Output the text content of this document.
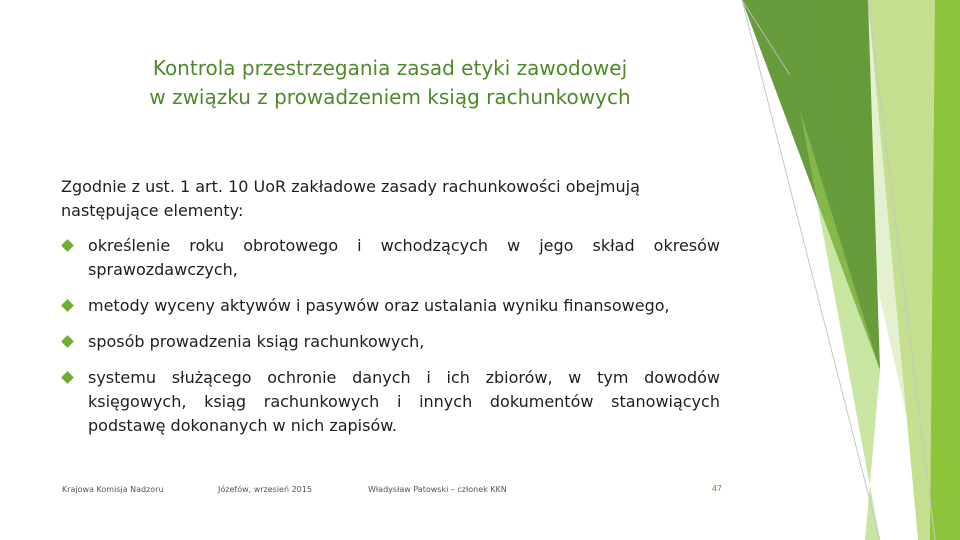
Kontrola przestrzegania zasad etyki zawodowej
w związku z prowadzeniem ksiąg rachunkowych
Zgodnie z ust. 1 art. 10 UoR zakładowe zasady rachunkowości obejmują następujące elementy:
określenie roku obrotowego i wchodzących w jego skład okresów sprawozdawczych,
metody wyceny aktywów i pasywów oraz ustalania wyniku finansowego,
sposób prowadzenia ksiąg rachunkowych,
systemu służącego ochronie danych i ich zbiorów, w tym dowodów księgowych, ksiąg rachunkowych i innych dokumentów stanowiących podstawę dokonanych w nich zapisów.
Krajowa Komisja Nadzoru	Józefów, wrzesień 2015	Władysław Patowski – członek KKN	47
